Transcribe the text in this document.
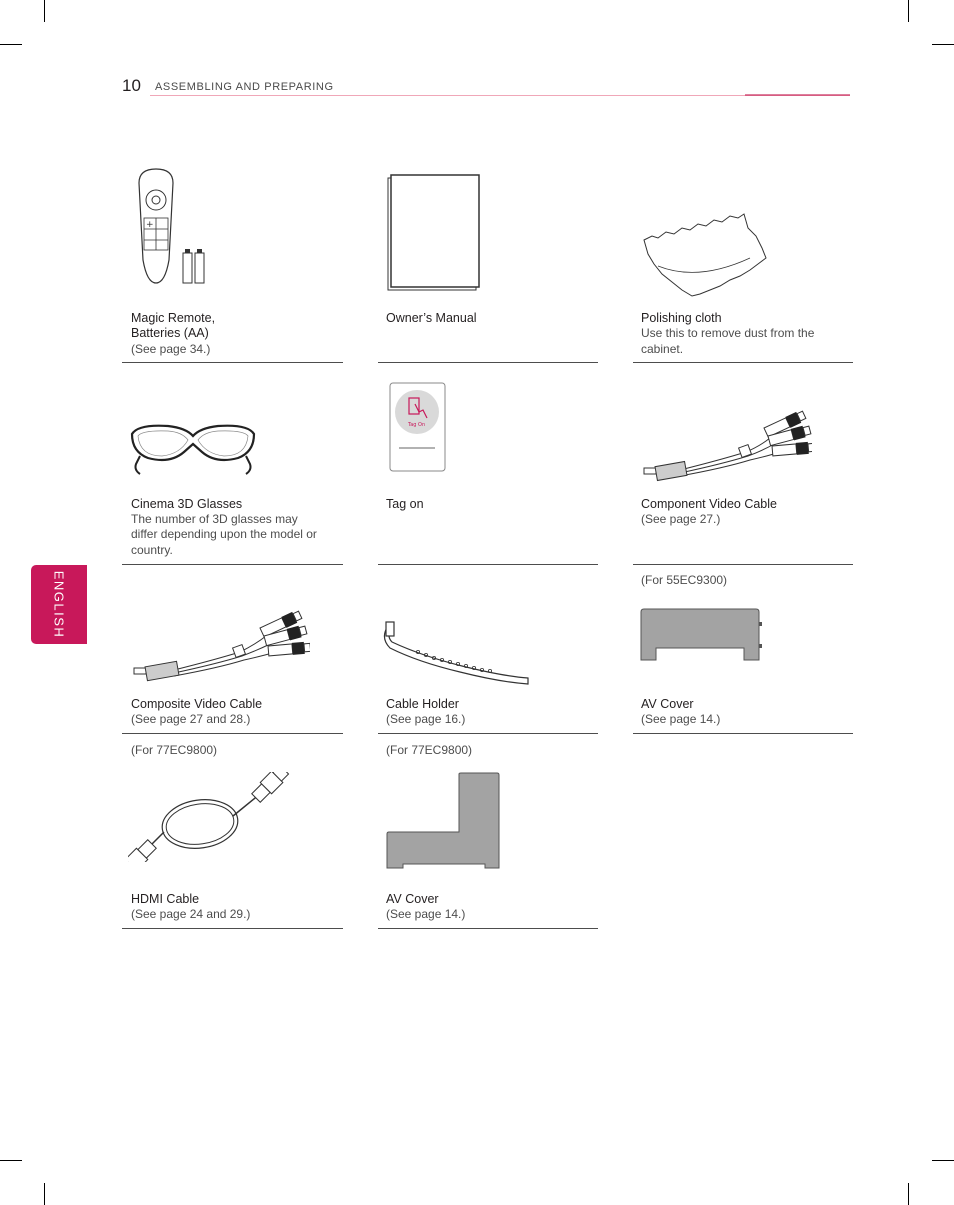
10 ASSEMBLING AND PREPARING
ENGLISH
+
Magic Remote,
Batteries (AA)
(See page 34.)
Owner’s Manual	Polishing cloth
Use this to remove dust from the
cabinet.
Cinema 3D Glasses
The number of 3D glasses may
differ depending upon the model or
country.
Tag On
Tag on	Component Video Cable
(See page 27.)
Composite Video Cable
(See page 27 and 28.)
Cable Holder
(See page 16.)
(For 55EC9300)
AV Cover
(See page 14.)
(For 77EC9800)
HDMI Cable
(See page 24 and 29.)
(For 77EC9800)
AV Cover
(See page 14.)
